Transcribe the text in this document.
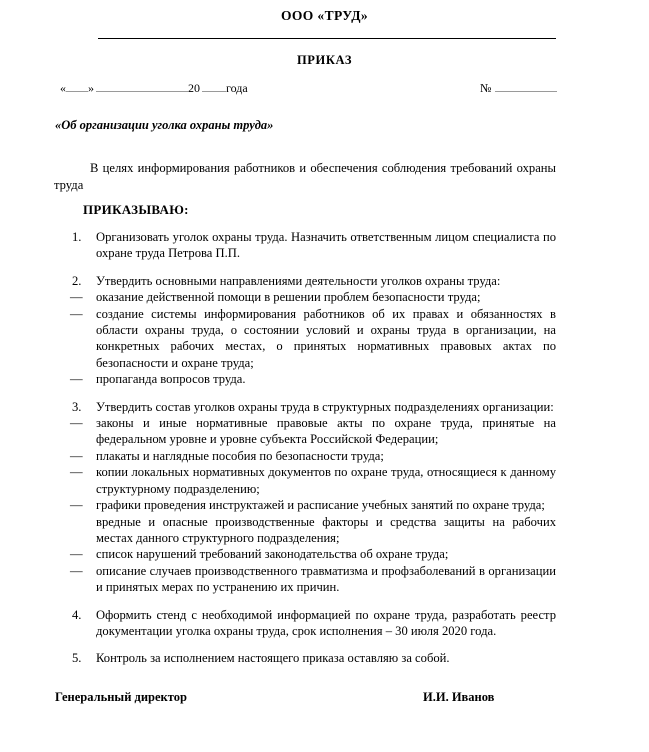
ООО «ТРУД»
ПРИКАЗ
« »	20 года	№
«Об организации уголка охраны труда»
В целях информирования работников и обеспечения соблюдения требований охраны труда
ПРИКАЗЫВАЮ:
1.	Организовать уголок охраны труда. Назначить ответственным лицом специалиста по охране труда Петрова П.П.
2.	Утвердить основными направлениями деятельности уголков охраны труда:
—	оказание действенной помощи в решении проблем безопасности труда;
—	создание системы информирования работников об их правах и обязанностях в области охраны труда, о состоянии условий и охраны труда в организации, на конкретных рабочих местах, о принятых нормативных правовых актах по безопасности и охране труда;
—	пропаганда вопросов труда.
3.	Утвердить состав уголков охраны труда в структурных подразделениях организации:
—	законы и иные нормативные правовые акты по охране труда, принятые на федеральном уровне и уровне субъекта Российской Федерации;
—	плакаты и наглядные пособия по безопасности труда;
—	копии локальных нормативных документов по охране труда, относящиеся к данному структурному подразделению;
—	графики проведения инструктажей и расписание учебных занятий по охране труда;
вредные и опасные производственные факторы и средства защиты на рабочих местах данного структурного подразделения;
—	список нарушений требований законодательства об охране труда;
—	описание случаев производственного травматизма и профзаболеваний в организации и принятых мерах по устранению их причин.
4.	Оформить стенд с необходимой информацией по охране труда, разработать реестр документации уголка охраны труда, срок исполнения – 30 июля 2020 года.
5.	Контроль за исполнением настоящего приказа оставляю за собой.
Генеральный директор	И.И. Иванов
